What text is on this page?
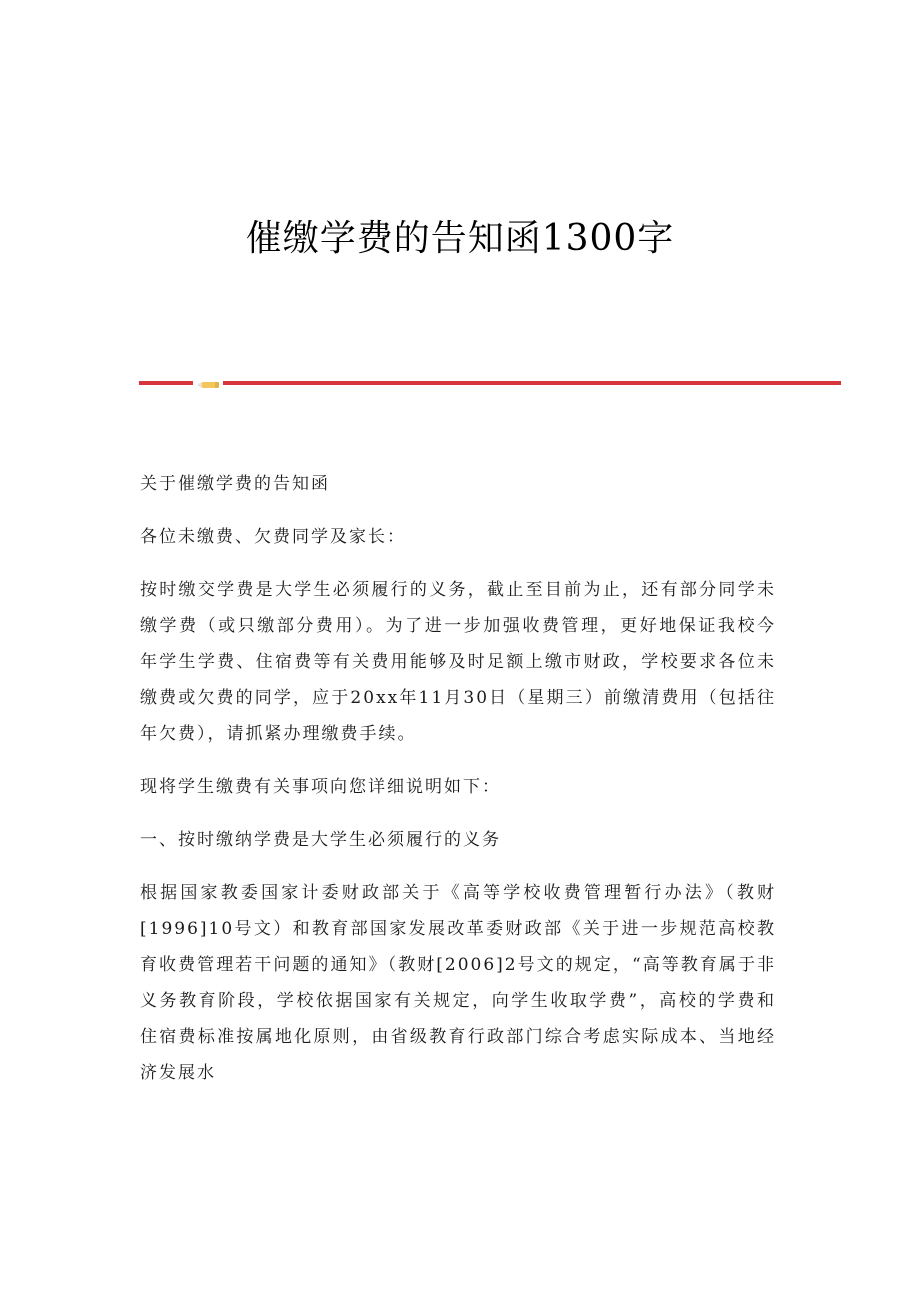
催缴学费的告知函1300字

关于催缴学费的告知函

各位未缴费、欠费同学及家长：

按时缴交学费是大学生必须履行的义务，截止至目前为止，还有部分同学未缴学费（或只缴部分费用）。为了进一步加强收费管理，更好地保证我校今年学生学费、住宿费等有关费用能够及时足额上缴市财政，学校要求各位未缴费或欠费的同学，应于20xx年11月30日（星期三）前缴清费用（包括往年欠费），请抓紧办理缴费手续。

现将学生缴费有关事项向您详细说明如下：

一、按时缴纳学费是大学生必须履行的义务

根据国家教委国家计委财政部关于《高等学校收费管理暂行办法》（教财[1996]10号文）和教育部国家发展改革委财政部《关于进一步规范高校教育收费管理若干问题的通知》（教财[2006]2号文的规定，“高等教育属于非义务教育阶段，学校依据国家有关规定，向学生收取学费”，高校的学费和住宿费标准按属地化原则，由省级教育行政部门综合考虑实际成本、当地经济发展水
